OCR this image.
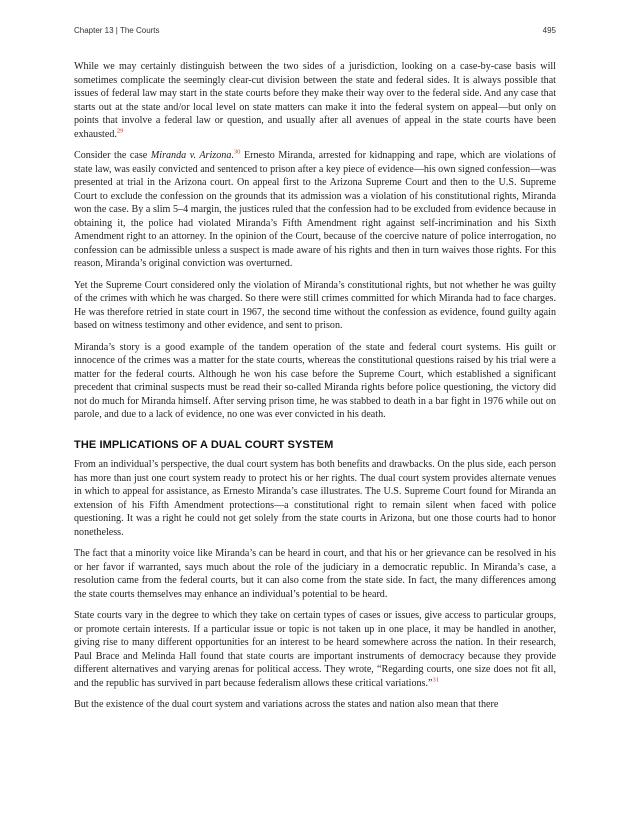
Chapter 13 | The Courts	495

While we may certainly distinguish between the two sides of a jurisdiction, looking on a case-by-case basis will sometimes complicate the seemingly clear-cut division between the state and federal sides. It is always possible that issues of federal law may start in the state courts before they make their way over to the federal side. And any case that starts out at the state and/or local level on state matters can make it into the federal system on appeal—but only on points that involve a federal law or question, and usually after all avenues of appeal in the state courts have been exhausted.$^{29}$

Consider the case Miranda v. Arizona.$^{30}$ Ernesto Miranda, arrested for kidnapping and rape, which are violations of state law, was easily convicted and sentenced to prison after a key piece of evidence—his own signed confession—was presented at trial in the Arizona court. On appeal first to the Arizona Supreme Court and then to the U.S. Supreme Court to exclude the confession on the grounds that its admission was a violation of his constitutional rights, Miranda won the case. By a slim 5–4 margin, the justices ruled that the confession had to be excluded from evidence because in obtaining it, the police had violated Miranda’s Fifth Amendment right against self-incrimination and his Sixth Amendment right to an attorney. In the opinion of the Court, because of the coercive nature of police interrogation, no confession can be admissible unless a suspect is made aware of his rights and then in turn waives those rights. For this reason, Miranda’s original conviction was overturned.

Yet the Supreme Court considered only the violation of Miranda’s constitutional rights, but not whether he was guilty of the crimes with which he was charged. So there were still crimes committed for which Miranda had to face charges. He was therefore retried in state court in 1967, the second time without the confession as evidence, found guilty again based on witness testimony and other evidence, and sent to prison.

Miranda’s story is a good example of the tandem operation of the state and federal court systems. His guilt or innocence of the crimes was a matter for the state courts, whereas the constitutional questions raised by his trial were a matter for the federal courts. Although he won his case before the Supreme Court, which established a significant precedent that criminal suspects must be read their so-called Miranda rights before police questioning, the victory did not do much for Miranda himself. After serving prison time, he was stabbed to death in a bar fight in 1976 while out on parole, and due to a lack of evidence, no one was ever convicted in his death.

THE IMPLICATIONS OF A DUAL COURT SYSTEM

From an individual’s perspective, the dual court system has both benefits and drawbacks. On the plus side, each person has more than just one court system ready to protect his or her rights. The dual court system provides alternate venues in which to appeal for assistance, as Ernesto Miranda’s case illustrates. The U.S. Supreme Court found for Miranda an extension of his Fifth Amendment protections—a constitutional right to remain silent when faced with police questioning. It was a right he could not get solely from the state courts in Arizona, but one those courts had to honor nonetheless.

The fact that a minority voice like Miranda’s can be heard in court, and that his or her grievance can be resolved in his or her favor if warranted, says much about the role of the judiciary in a democratic republic. In Miranda’s case, a resolution came from the federal courts, but it can also come from the state side. In fact, the many differences among the state courts themselves may enhance an individual’s potential to be heard.

State courts vary in the degree to which they take on certain types of cases or issues, give access to particular groups, or promote certain interests. If a particular issue or topic is not taken up in one place, it may be handled in another, giving rise to many different opportunities for an interest to be heard somewhere across the nation. In their research, Paul Brace and Melinda Hall found that state courts are important instruments of democracy because they provide different alternatives and varying arenas for political access. They wrote, “Regarding courts, one size does not fit all, and the republic has survived in part because federalism allows these critical variations.”$^{31}$

But the existence of the dual court system and variations across the states and nation also mean that there
